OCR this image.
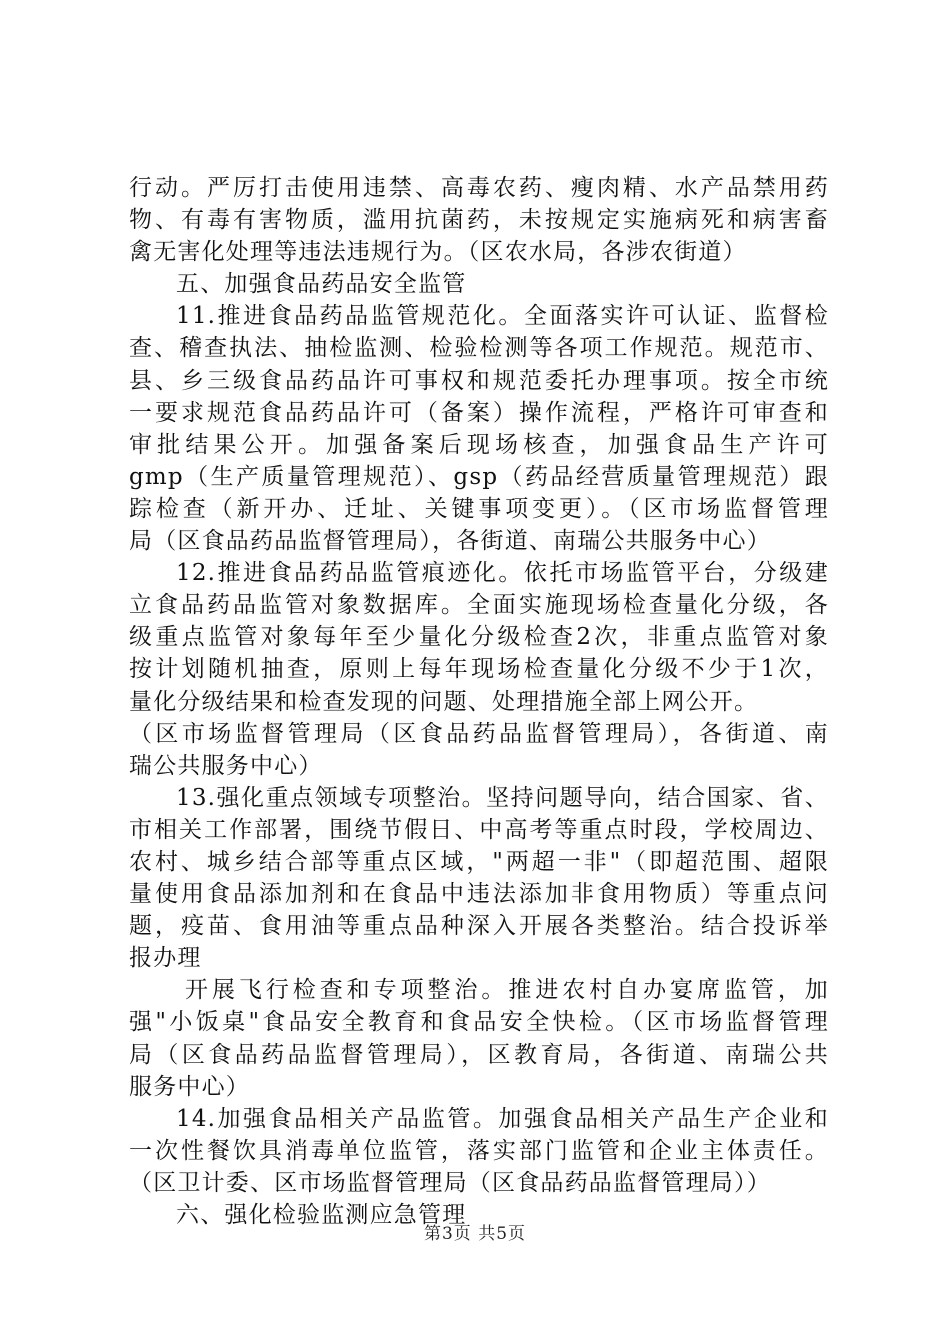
行动。严厉打击使用违禁、高毒农药、瘦肉精、水产品禁用药
物、有毒有害物质，滥用抗菌药，未按规定实施病死和病害畜
禽无害化处理等违法违规行为。（区农水局，各涉农街道）
五、加强食品药品安全监管
11.推进食品药品监管规范化。全面落实许可认证、监督检
查、稽查执法、抽检监测、检验检测等各项工作规范。规范市、
县、乡三级食品药品许可事权和规范委托办理事项。按全市统
一要求规范食品药品许可（备案）操作流程，严格许可审查和
审批结果公开。加强备案后现场核查，加强食品生产许可
gmp（生产质量管理规范）、gsp（药品经营质量管理规范）跟
踪检查（新开办、迁址、关键事项变更）。（区市场监督管理
局（区食品药品监督管理局），各街道、南瑞公共服务中心）
12.推进食品药品监管痕迹化。依托市场监管平台，分级建
立食品药品监管对象数据库。全面实施现场检查量化分级，各
级重点监管对象每年至少量化分级检查2次，非重点监管对象
按计划随机抽查，原则上每年现场检查量化分级不少于1次，
量化分级结果和检查发现的问题、处理措施全部上网公开。
（区市场监督管理局（区食品药品监督管理局），各街道、南
瑞公共服务中心）
13.强化重点领域专项整治。坚持问题导向，结合国家、省、
市相关工作部署，围绕节假日、中高考等重点时段，学校周边、
农村、城乡结合部等重点区域，"两超一非"（即超范围、超限
量使用食品添加剂和在食品中违法添加非食用物质）等重点问
题，疫苗、食用油等重点品种深入开展各类整治。结合投诉举
报办理
开展飞行检查和专项整治。推进农村自办宴席监管，加
强"小饭桌"食品安全教育和食品安全快检。（区市场监督管理
局（区食品药品监督管理局），区教育局，各街道、南瑞公共
服务中心）
14.加强食品相关产品监管。加强食品相关产品生产企业和
一次性餐饮具消毒单位监管，落实部门监管和企业主体责任。
（区卫计委、区市场监督管理局（区食品药品监督管理局））
六、强化检验监测应急管理
第3页 共5页
